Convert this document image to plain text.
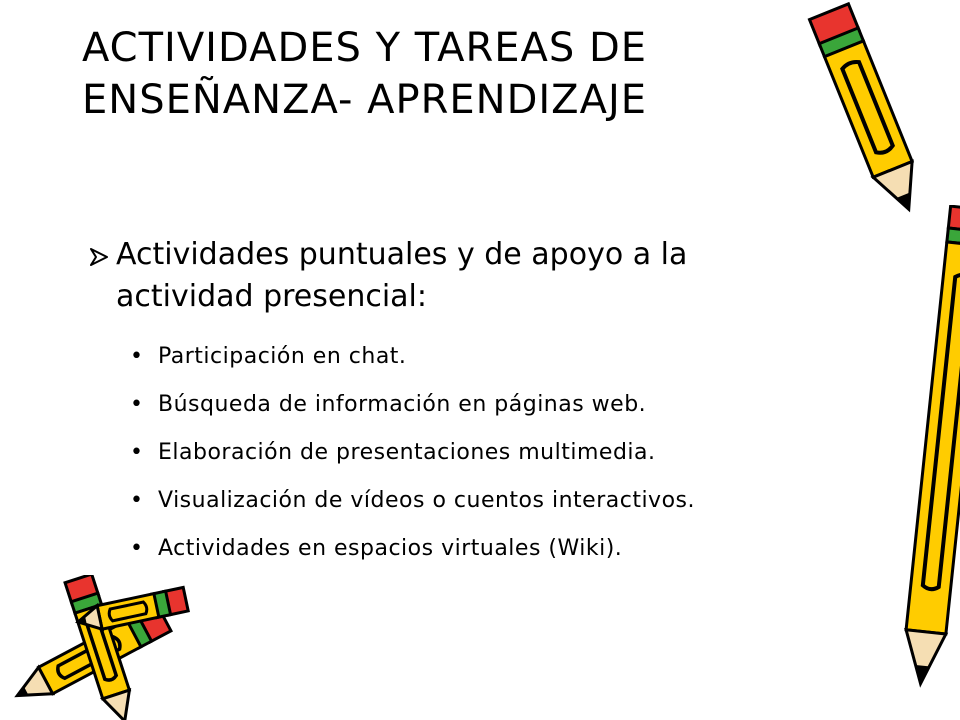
ACTIVIDADES Y TAREAS DE
ENSEÑANZA- APRENDIZAJE
Actividades puntuales y de apoyo a la
actividad presencial:
• Participación en chat.
• Búsqueda de información en páginas web.
• Elaboración de presentaciones multimedia.
• Visualización de vídeos o cuentos interactivos.
• Actividades en espacios virtuales (Wiki).
